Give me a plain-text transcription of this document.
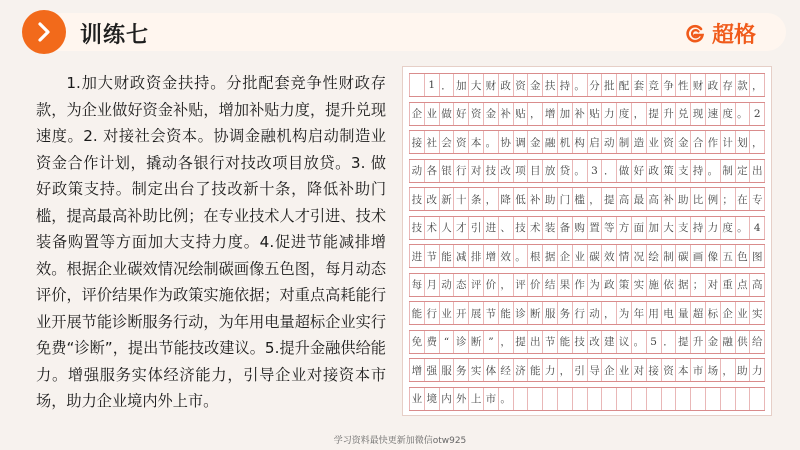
训练七	超格

1.加大财政资金扶持。分批配套竞争性财政存款，为企业做好资金补贴，增加补贴力度，提升兑现速度。2. 对接社会资本。协调金融机构启动制造业资金合作计划，撬动各银行对技改项目放贷。3. 做好政策支持。制定出台了技改新十条，降低补助门槛，提高最高补助比例；在专业技术人才引进、技术装备购置等方面加大支持力度。4.促进节能减排增效。根据企业碳效情况绘制碳画像五色图，每月动态评价，评价结果作为政策实施依据；对重点高耗能行业开展节能诊断服务行动，为年用电量超标企业实行免费“诊断”，提出节能技改建议。5.提升金融供给能力。增强服务实体经济能力，引导企业对接资本市场，助力企业境内外上市。

1 ． 加 大 财 政 资 金 扶 持 。 分 批 配 套 竞 争 性 财 政 存 款 ，
企 业 做 好 资 金 补 贴 ， 增 加 补 贴 力 度 ， 提 升 兑 现 速 度 。 2
接 社 会 资 本 。 协 调 金 融 机 构 启 动 制 造 业 资 金 合 作 计 划 ，
动 各 银 行 对 技 改 项 目 放 贷 。 3 ． 做 好 政 策 支 持 。 制 定 出
技 改 新 十 条 ， 降 低 补 助 门 槛 ， 提 高 最 高 补 助 比 例 ； 在 专
技 术 人 才 引 进 、 技 术 装 备 购 置 等 方 面 加 大 支 持 力 度 。 4
进 节 能 减 排 增 效 。 根 据 企 业 碳 效 情 况 绘 制 碳 画 像 五 色 图
每 月 动 态 评 价 ， 评 价 结 果 作 为 政 策 实 施 依 据 ； 对 重 点 高
能 行 业 开 展 节 能 诊 断 服 务 行 动 ， 为 年 用 电 量 超 标 企 业 实
免 费 “ 诊 断 ” ， 提 出 节 能 技 改 建 议 。 5 ． 提 升 金 融 供 给
增 强 服 务 实 体 经 济 能 力 ， 引 导 企 业 对 接 资 本 市 场 ， 助 力
业 境 内 外 上 市 。
学习资料最快更新加微信otw925
